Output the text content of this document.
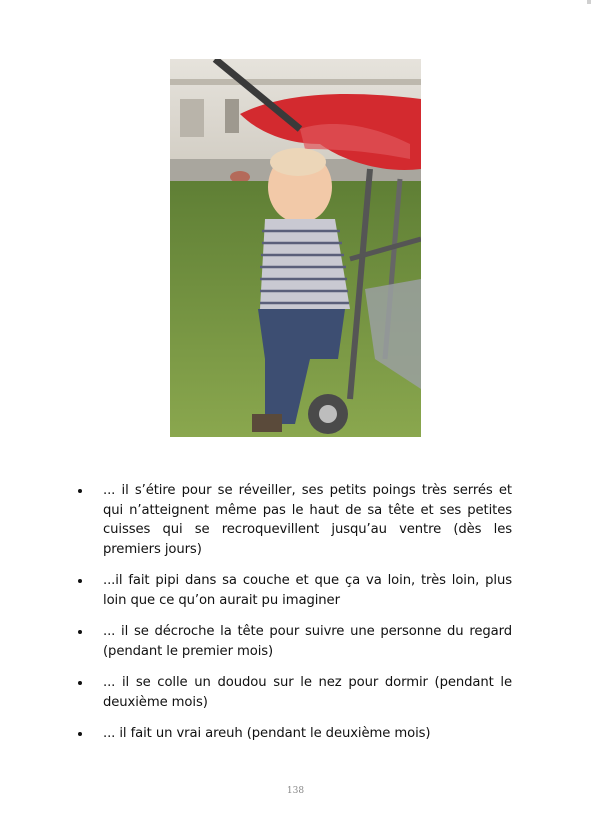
... il s’étire pour se réveiller, ses petits poings très serrés et qui n’atteignent même pas le haut de sa tête et ses petites cuisses qui se recroquevillent jusqu’au ventre (dès les premiers jours)
...il fait pipi dans sa couche et que ça va loin, très loin, plus loin que ce qu’on aurait pu imaginer
... il se décroche la tête pour suivre une personne du regard (pendant le premier mois)
... il se colle un doudou sur le nez pour dormir (pendant le deuxième mois)
... il fait un vrai areuh (pendant le deuxième mois)
138
